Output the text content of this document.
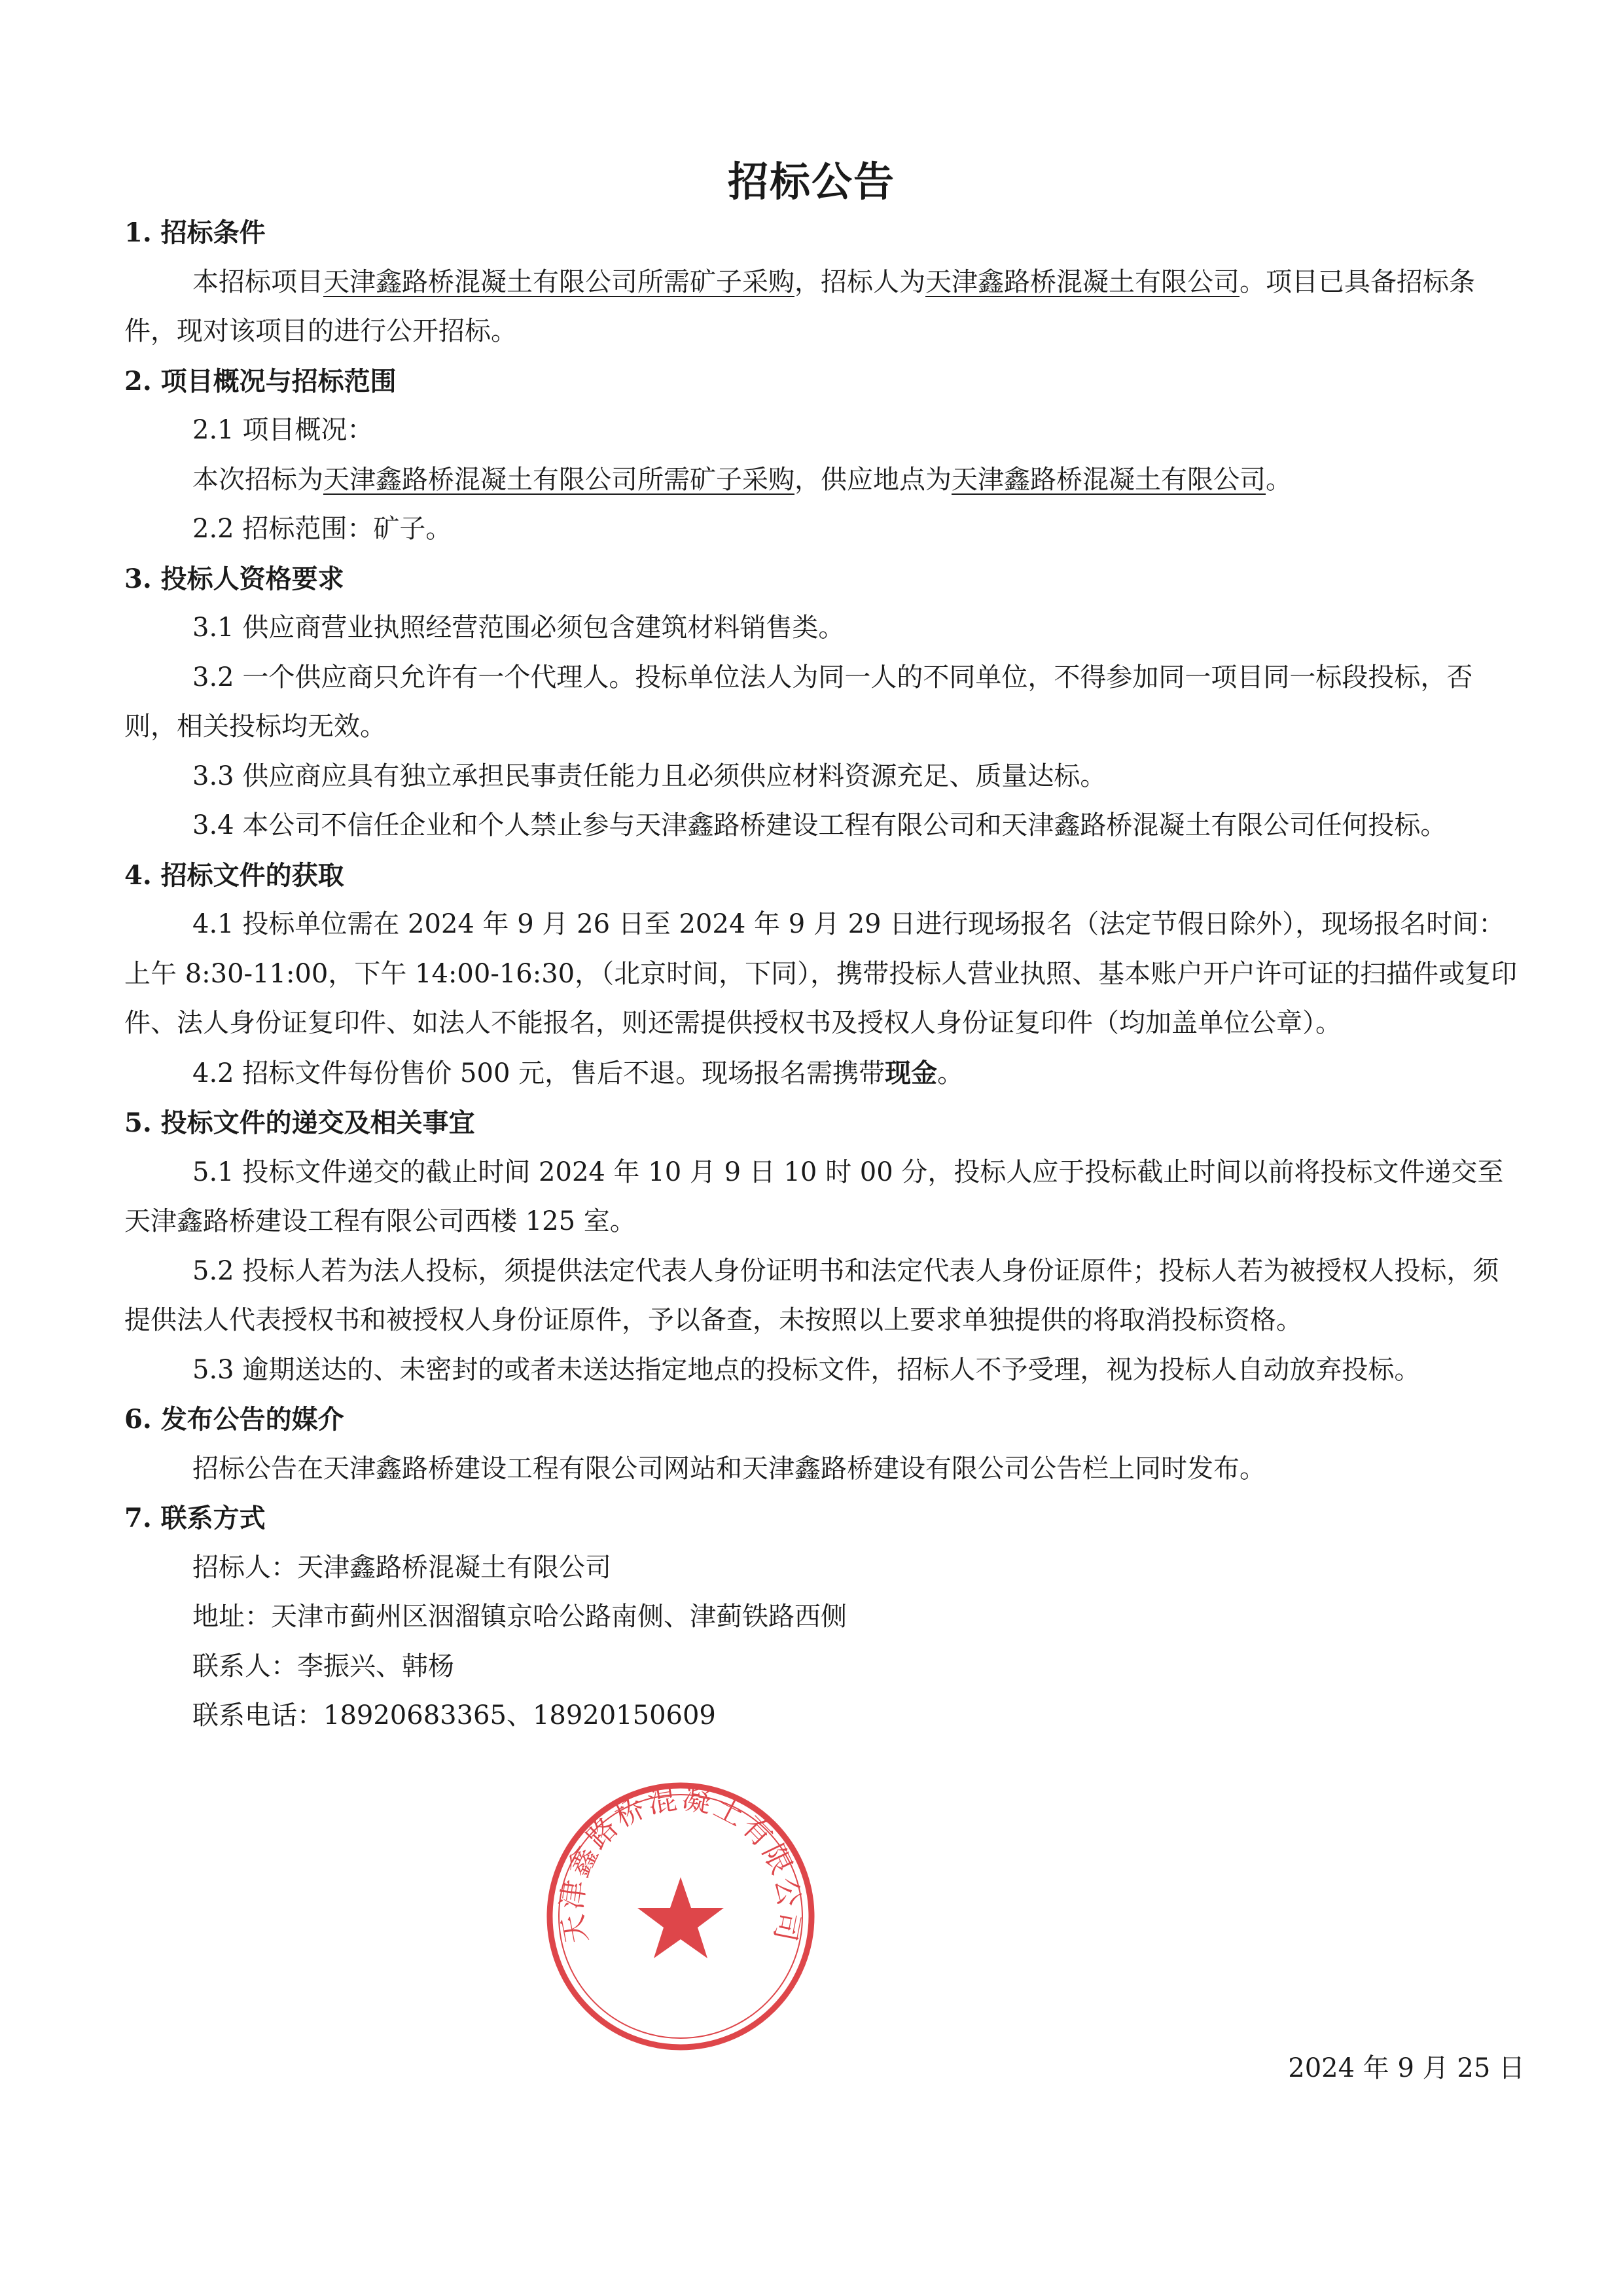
招标公告

1. 招标条件

本招标项目天津鑫路桥混凝土有限公司所需矿子采购，招标人为天津鑫路桥混凝土有限公司。项目已具备招标条件，现对该项目的进行公开招标。

2. 项目概况与招标范围

2.1 项目概况：

本次招标为天津鑫路桥混凝土有限公司所需矿子采购，供应地点为天津鑫路桥混凝土有限公司。

2.2 招标范围：矿子。

3. 投标人资格要求

3.1 供应商营业执照经营范围必须包含建筑材料销售类。

3.2 一个供应商只允许有一个代理人。投标单位法人为同一人的不同单位，不得参加同一项目同一标段投标，否则，相关投标均无效。

3.3 供应商应具有独立承担民事责任能力且必须供应材料资源充足、质量达标。

3.4 本公司不信任企业和个人禁止参与天津鑫路桥建设工程有限公司和天津鑫路桥混凝土有限公司任何投标。

4. 招标文件的获取

4.1 投标单位需在 2024 年 9 月 26 日至 2024 年 9 月 29 日进行现场报名（法定节假日除外），现场报名时间：上午 8:30-11:00，下午 14:00-16:30，（北京时间，下同），携带投标人营业执照、基本账户开户许可证的扫描件或复印件、法人身份证复印件、如法人不能报名，则还需提供授权书及授权人身份证复印件（均加盖单位公章）。

4.2 招标文件每份售价 500 元，售后不退。现场报名需携带现金。

5. 投标文件的递交及相关事宜

5.1 投标文件递交的截止时间 2024 年 10 月 9 日 10 时 00 分，投标人应于投标截止时间以前将投标文件递交至天津鑫路桥建设工程有限公司西楼 125 室。

5.2 投标人若为法人投标，须提供法定代表人身份证明书和法定代表人身份证原件；投标人若为被授权人投标，须提供法人代表授权书和被授权人身份证原件，予以备查，未按照以上要求单独提供的将取消投标资格。

5.3 逾期送达的、未密封的或者未送达指定地点的投标文件，招标人不予受理，视为投标人自动放弃投标。

6. 发布公告的媒介

招标公告在天津鑫路桥建设工程有限公司网站和天津鑫路桥建设有限公司公告栏上同时发布。

7. 联系方式

招标人：天津鑫路桥混凝土有限公司

地址：天津市蓟州区洇溜镇京哈公路南侧、津蓟铁路西侧

联系人：李振兴、韩杨

联系电话：18920683365、18920150609

2024 年 9 月 25 日
天津鑫路桥混凝土有限公司
